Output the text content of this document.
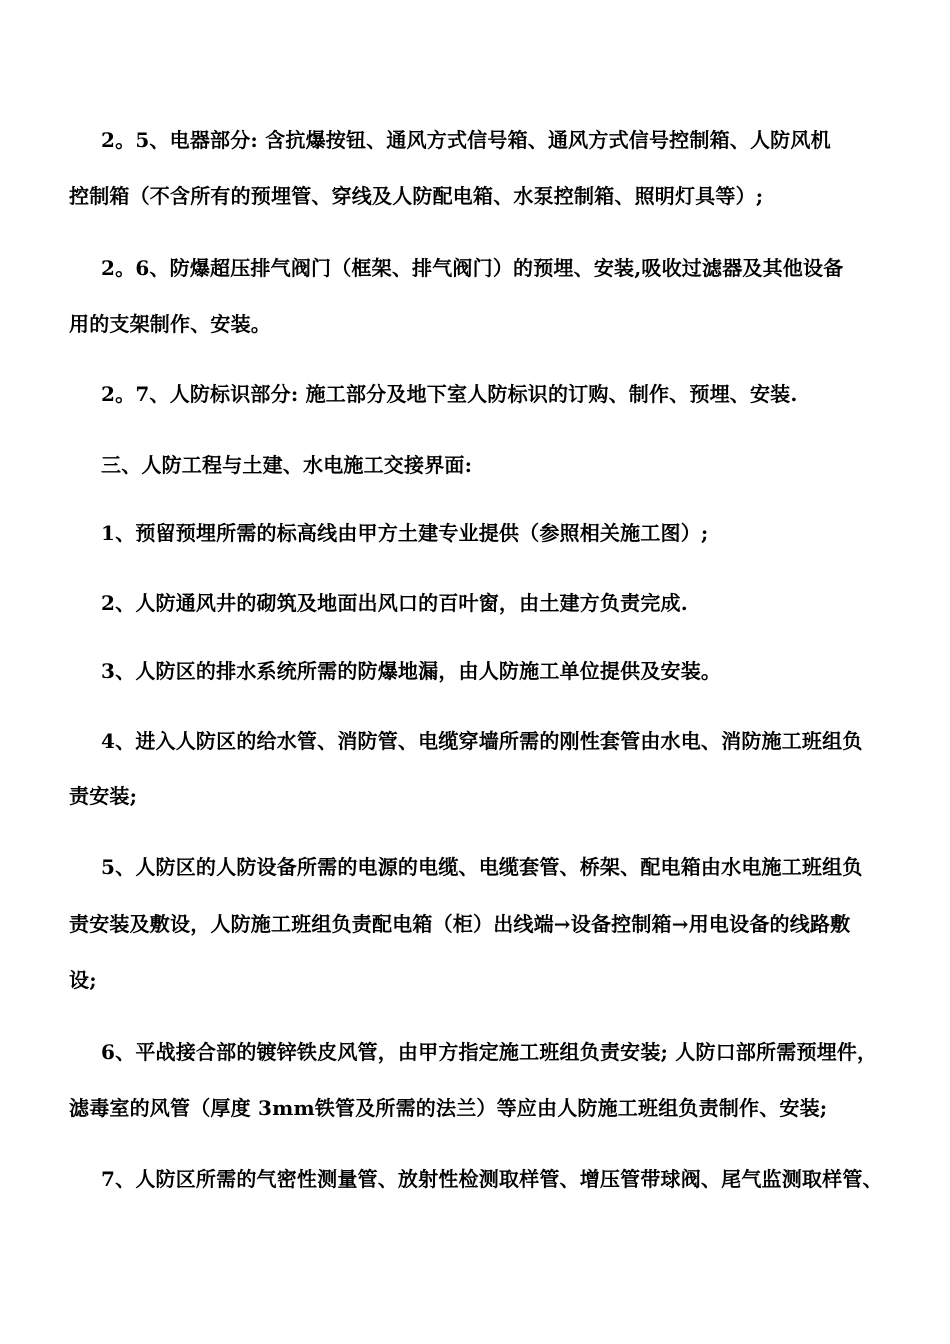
2。5、电器部分: 含抗爆按钮、通风方式信号箱、通风方式信号控制箱、人防风机
控制箱（不含所有的预埋管、穿线及人防配电箱、水泵控制箱、照明灯具等）;
2。6、防爆超压排气阀门（框架、排气阀门）的预埋、安装,吸收过滤器及其他设备
用的支架制作、安装。
2。7、人防标识部分: 施工部分及地下室人防标识的订购、制作、预埋、安装.
三、人防工程与土建、水电施工交接界面:
1、预留预埋所需的标高线由甲方土建专业提供（参照相关施工图）;
2、人防通风井的砌筑及地面出风口的百叶窗，由土建方负责完成.
3、人防区的排水系统所需的防爆地漏，由人防施工单位提供及安装。
4、进入人防区的给水管、消防管、电缆穿墙所需的刚性套管由水电、消防施工班组负
责安装;
5、人防区的人防设备所需的电源的电缆、电缆套管、桥架、配电箱由水电施工班组负
责安装及敷设，人防施工班组负责配电箱（柜）出线端→设备控制箱→用电设备的线路敷
设;
6、平战接合部的镀锌铁皮风管，由甲方指定施工班组负责安装; 人防口部所需预埋件，
滤毒室的风管（厚度 3mm铁管及所需的法兰）等应由人防施工班组负责制作、安装;
7、人防区所需的气密性测量管、放射性检测取样管、增压管带球阀、尾气监测取样管、
